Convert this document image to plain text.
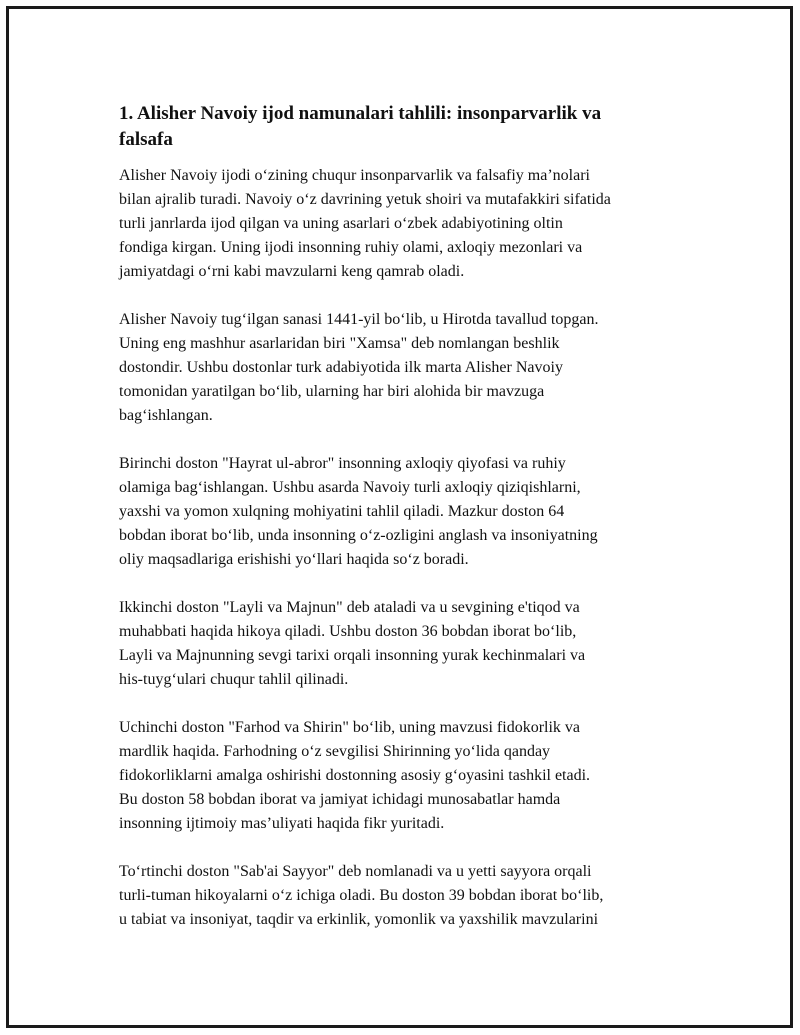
1. Alisher Navoiy ijod namunalari tahlili: insonparvarlik va
falsafa

Alisher Navoiy ijodi o‘zining chuqur insonparvarlik va falsafiy ma’nolari
bilan ajralib turadi. Navoiy o‘z davrining yetuk shoiri va mutafakkiri sifatida
turli janrlarda ijod qilgan va uning asarlari o‘zbek adabiyotining oltin
fondiga kirgan. Uning ijodi insonning ruhiy olami, axloqiy mezonlari va
jamiyatdagi o‘rni kabi mavzularni keng qamrab oladi.

Alisher Navoiy tug‘ilgan sanasi 1441-yil bo‘lib, u Hirotda tavallud topgan.
Uning eng mashhur asarlaridan biri "Xamsa" deb nomlangan beshlik
dostondir. Ushbu dostonlar turk adabiyotida ilk marta Alisher Navoiy
tomonidan yaratilgan bo‘lib, ularning har biri alohida bir mavzuga
bag‘ishlangan.

Birinchi doston "Hayrat ul-abror" insonning axloqiy qiyofasi va ruhiy
olamiga bag‘ishlangan. Ushbu asarda Navoiy turli axloqiy qiziqishlarni,
yaxshi va yomon xulqning mohiyatini tahlil qiladi. Mazkur doston 64
bobdan iborat bo‘lib, unda insonning o‘z-ozligini anglash va insoniyatning
oliy maqsadlariga erishishi yo‘llari haqida so‘z boradi.

Ikkinchi doston "Layli va Majnun" deb ataladi va u sevgining e'tiqod va
muhabbati haqida hikoya qiladi. Ushbu doston 36 bobdan iborat bo‘lib,
Layli va Majnunning sevgi tarixi orqali insonning yurak kechinmalari va
his-tuyg‘ulari chuqur tahlil qilinadi.

Uchinchi doston "Farhod va Shirin" bo‘lib, uning mavzusi fidokorlik va
mardlik haqida. Farhodning o‘z sevgilisi Shirinning yo‘lida qanday
fidokorliklarni amalga oshirishi dostonning asosiy g‘oyasini tashkil etadi.
Bu doston 58 bobdan iborat va jamiyat ichidagi munosabatlar hamda
insonning ijtimoiy mas’uliyati haqida fikr yuritadi.

To‘rtinchi doston "Sab'ai Sayyor" deb nomlanadi va u yetti sayyora orqali
turli-tuman hikoyalarni o‘z ichiga oladi. Bu doston 39 bobdan iborat bo‘lib,
u tabiat va insoniyat, taqdir va erkinlik, yomonlik va yaxshilik mavzularini
